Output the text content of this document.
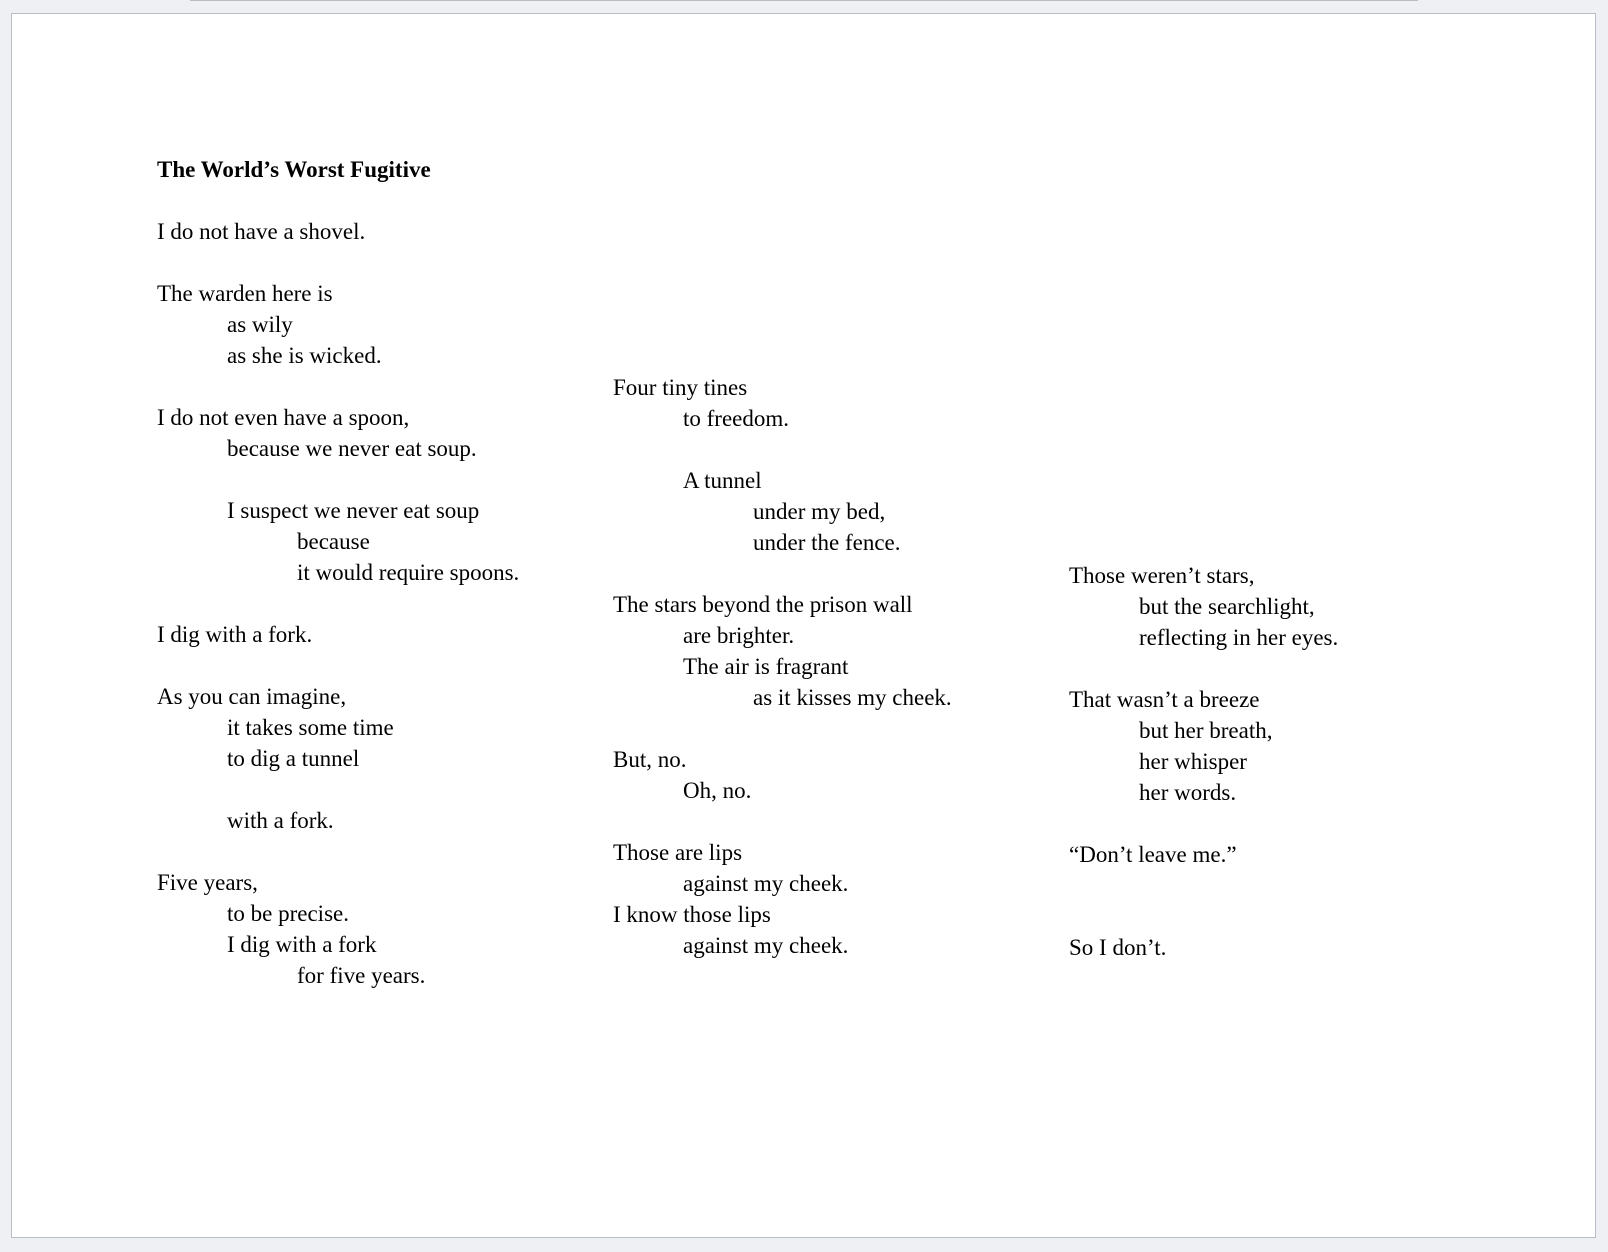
The World’s Worst Fugitive
I do not have a shovel.
The warden here is
as wily
as she is wicked.
I do not even have a spoon,
because we never eat soup.
I suspect we never eat soup
because
it would require spoons.
I dig with a fork.
As you can imagine,
it takes some time
to dig a tunnel
with a fork.
Five years,
to be precise.
I dig with a fork
for five years.
Four tiny tines
to freedom.
A tunnel
under my bed,
under the fence.
The stars beyond the prison wall
are brighter.
The air is fragrant
as it kisses my cheek.
But, no.
Oh, no.
Those are lips
against my cheek.
I know those lips
against my cheek.
Those weren’t stars,
but the searchlight,
reflecting in her eyes.
That wasn’t a breeze
but her breath,
her whisper
her words.
“Don’t leave me.”
So I don’t.
